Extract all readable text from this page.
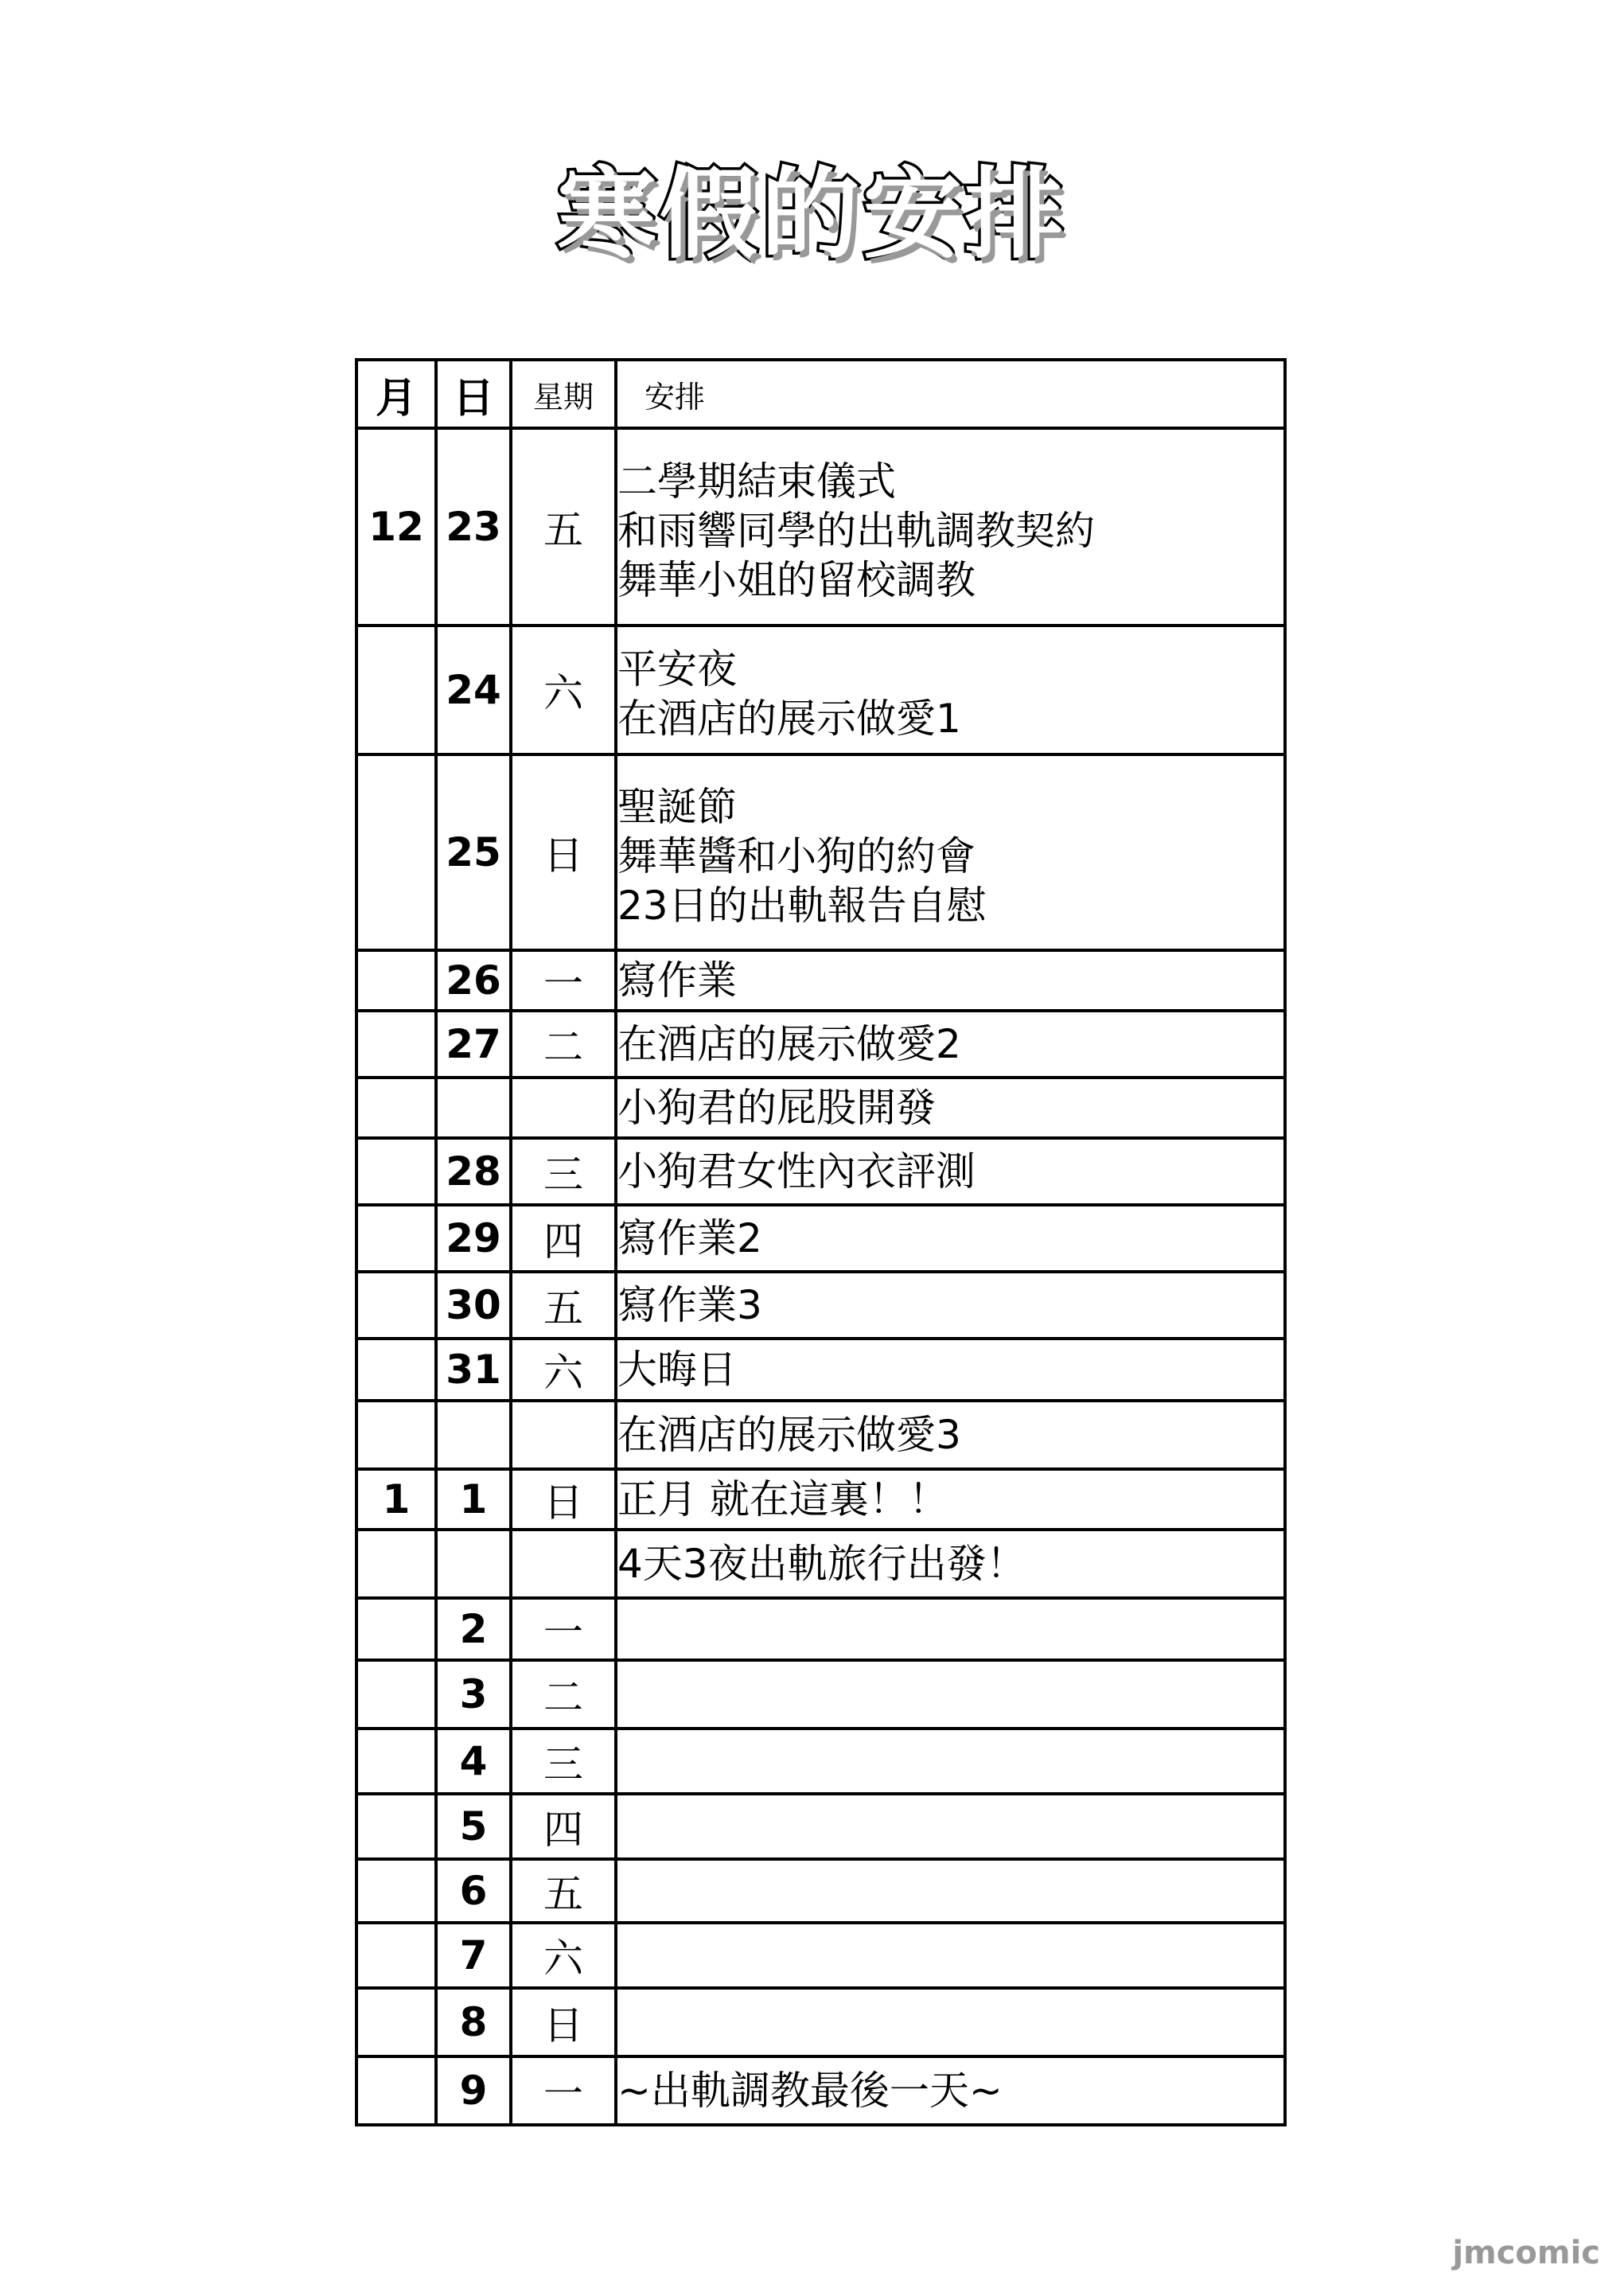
寒假的安排
月	日	星期	安排
12	23	五	二學期結束儀式
和雨響同學的出軌調教契約
舞華小姐的留校調教

	24	六	平安夜
在酒店的展示做愛1

	25	日	聖誕節
舞華醬和小狗的約會
23日的出軌報告自慰

	26	一	寫作業

	27	二	在酒店的展示做愛2

			小狗君的屁股開發

	28	三	小狗君女性內衣評測

	29	四	寫作業2

	30	五	寫作業3

	31	六	大晦日

			在酒店的展示做愛3

1	1	日	正月 就在這裏！！

			4天3夜出軌旅行出發！

	2	一	

	3	二	

	4	三	

	5	四	

	6	五	

	7	六	

	8	日	

	9	一	~出軌調教最後一天~
jmcomic
